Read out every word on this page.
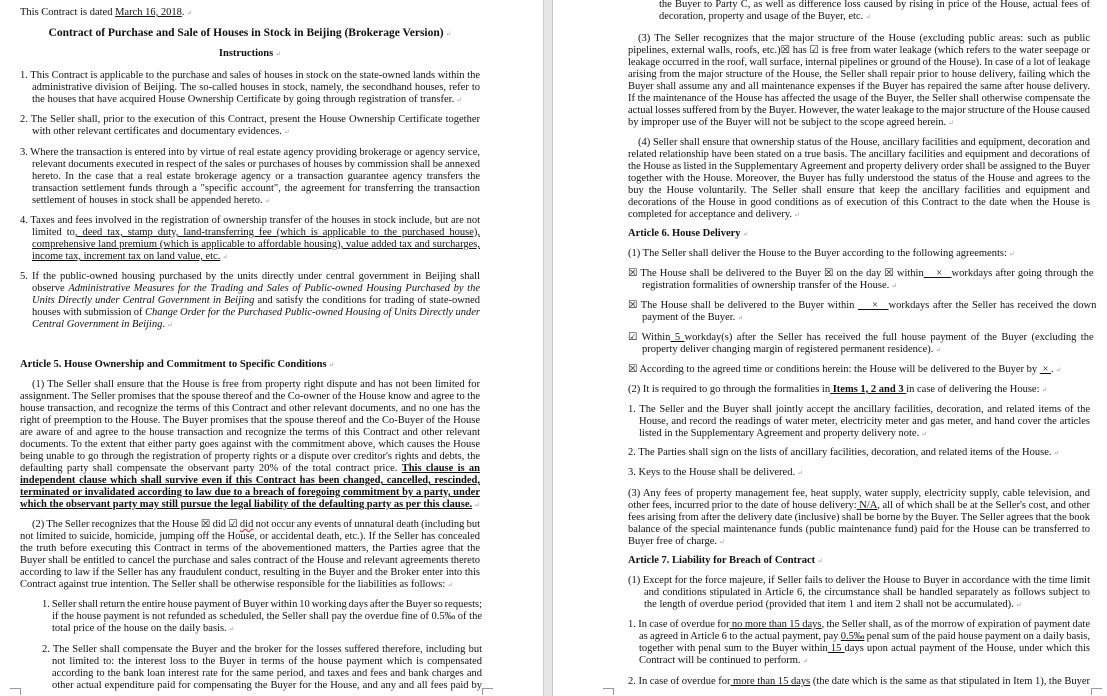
This Contract is dated March 16, 2018. ↵
Contract of Purchase and Sale of Houses in Stock in Beijing (Brokerage Version) ↵
Instructions ↵
1. This Contract is applicable to the purchase and sales of houses in stock on the state-owned lands within the
administrative division of Beijing. The so-called houses in stock, namely, the secondhand houses, refer to
the houses that have acquired House Ownership Certificate by going through registration of transfer. ↵
2. The Seller shall, prior to the execution of this Contract, present the House Ownership Certificate together
with other relevant certificates and documentary evidences. ↵
3. Where the transaction is entered into by virtue of real estate agency providing brokerage or agency service,
relevant documents executed in respect of the sales or purchases of houses by commission shall be annexed
hereto. In the case that a real estate brokerage agency or a transaction guarantee agency transfers the
transaction settlement funds through a "specific account", the agreement for transferring the transaction
settlement of houses in stock shall be appended hereto. ↵
4. Taxes and fees involved in the registration of ownership transfer of the houses in stock include, but are not
limited to, deed tax, stamp duty, land-transferring fee (which is applicable to the purchased house),
comprehensive land premium (which is applicable to affordable housing), value added tax and surcharges,
income tax, increment tax on land value, etc. ↵
5. If the public-owned housing purchased by the units directly under central government in Beijing shall
observe Administrative Measures for the Trading and Sales of Public-owned Housing Purchased by the
Units Directly under Central Government in Beijing and satisfy the conditions for trading of state-owned
houses with submission of Change Order for the Purchased Public-owned Housing of Units Directly under
Central Government in Beijing. ↵
Article 5. House Ownership and Commitment to Specific Conditions ↵
(1) The Seller shall ensure that the House is free from property right dispute and has not been limited for
assignment. The Seller promises that the spouse thereof and the Co-owner of the House know and agree to the
house transaction, and recognize the terms of this Contract and other relevant documents, and no one has the
right of preemption to the House. The Buyer promises that the spouse thereof and the Co-Buyer of the House
are aware of and agree to the house transaction and recognize the terms of this Contract and other relevant
documents. To the extent that either party goes against with the commitment above, which causes the House
being unable to go through the registration of property rights or a dispute over creditor's rights and debts, the
defaulting party shall compensate the observant party 20% of the total contract price. This clause is an
independent clause which shall survive even if this Contract has been changed, cancelled, rescinded,
terminated or invalidated according to law due to a breach of foregoing commitment by a party, under
which the observant party may still pursue the legal liability of the defaulting party as per this clause. ↵
(2) The Seller recognizes that the House ☒ did ☑ did not occur any events of unnatural death (including but
not limited to suicide, homicide, jumping off the House, or accidental death, etc.). If the Seller has concealed
the truth before executing this Contract in terms of the abovementioned matters, the Parties agree that the
Buyer shall be entitled to cancel the purchase and sales contract of the House and relevant agreements thereto
according to law if the Seller has any fraudulent conduct, resulting in the Buyer and the Broker enter into this
Contract against true intention. The Seller shall be otherwise responsible for the liabilities as follows: ↵
1. Seller shall return the entire house payment of Buyer within 10 working days after the Buyer so requests;
if the house payment is not refunded as scheduled, the Seller shall pay the overdue fine of 0.5‰ of the
total price of the house on the daily basis. ↵
2. The Seller shall compensate the Buyer and the broker for the losses suffered therefore, including but
not limited to: the interest loss to the Buyer in terms of the house payment which is compensated
according to the bank loan interest rate for the same period, and taxes and fees and bank charges and
other actual expenditure paid for compensating the Buyer for the House, and any and all fees paid by
the Buyer to Party C, as well as difference loss caused by rising in price of the House, actual fees of
decoration, property and usage of the Buyer, etc. ↵
(3) The Seller recognizes that the major structure of the House (excluding public areas: such as public
pipelines, external walls, roofs, etc.)☒ has ☑ is free from water leakage (which refers to the water seepage or
leakage occurred in the roof, wall surface, internal pipelines or ground of the House). In case of a lot of leakage
arising from the major structure of the House, the Seller shall repair prior to house delivery, failing which the
Buyer shall assume any and all maintenance expenses if the Buyer has repaired the same after house delivery.
If the maintenance of the House has affected the usage of the Buyer, the Seller shall otherwise compensate the
actual losses suffered from by the Buyer. However, the water leakage to the major structure of the House caused
by improper use of the Buyer will not be subject to the scope agreed herein. ↵
(4) Seller shall ensure that ownership status of the House, ancillary facilities and equipment, decoration and
related relationship have been stated on a true basis. The ancillary facilities and equipment and decorations of
the House as listed in the Supplementary Agreement and property delivery order shall be assigned to the Buyer
together with the House. Moreover, the Buyer has fully understood the status of the House and agrees to the
buy the House voluntarily. The Seller shall ensure that keep the ancillary facilities and equipment and
decorations of the House in good conditions as of execution of this Contract to the date when the House is
completed for acceptance and delivery. ↵
Article 6. House Delivery ↵
(1) The Seller shall deliver the House to the Buyer according to the following agreements: ↵
☒ The House shall be delivered to the Buyer ☒ on the day ☒ within    ×   workdays after going through the
registration formalities of ownership transfer of the House. ↵
☒ The House shall be delivered to the Buyer within     ×   workdays after the Seller has received the down
payment of the Buyer. ↵
☑ Within 5 workday(s) after the Seller has received the full house payment of the Buyer (excluding the
property deliver changing margin of registered permanent residence). ↵
☒ According to the agreed time or conditions herein: the House will be delivered to the Buyer by  × . ↵
(2) It is required to go through the formalities in Items 1, 2 and 3 in case of delivering the House: ↵
1. The Seller and the Buyer shall jointly accept the ancillary facilities, decoration, and related items of the
House, and record the readings of water meter, electricity meter and gas meter, and hand cover the articles
listed in the Supplementary Agreement and property delivery note. ↵
2. The Parties shall sign on the lists of ancillary facilities, decoration, and related items of the House. ↵
3. Keys to the House shall be delivered. ↵
(3) Any fees of property management fee, heat supply, water supply, electricity supply, cable television, and
other fees, incurred prior to the date of house delivery: N/A, all of which shall be at the Seller's cost, and other
fees arising from after the delivery date (inclusive) shall be borne by the Buyer. The Seller agrees that the book
balance of the special maintenance funds (public maintenance fund) paid for the House can be transferred to
Buyer free of charge. ↵
Article 7. Liability for Breach of Contract ↵
(1) Except for the force majeure, if Seller fails to deliver the House to Buyer in accordance with the time limit
and conditions stipulated in Article 6, the circumstance shall be handled separately as follows subject to
the length of overdue period (provided that item 1 and item 2 shall not be accumulated). ↵
1. In case of overdue for no more than 15 days, the Seller shall, as of the morrow of expiration of payment date
as agreed in Article 6 to the actual payment, pay 0.5‰ penal sum of the paid house payment on a daily basis,
together with penal sum to the Buyer within 15 days upon actual payment of the House, under which this
Contract will be continued to perform. ↵
2. In case of overdue for more than 15 days (the date which is the same as that stipulated in Item 1), the Buyer
